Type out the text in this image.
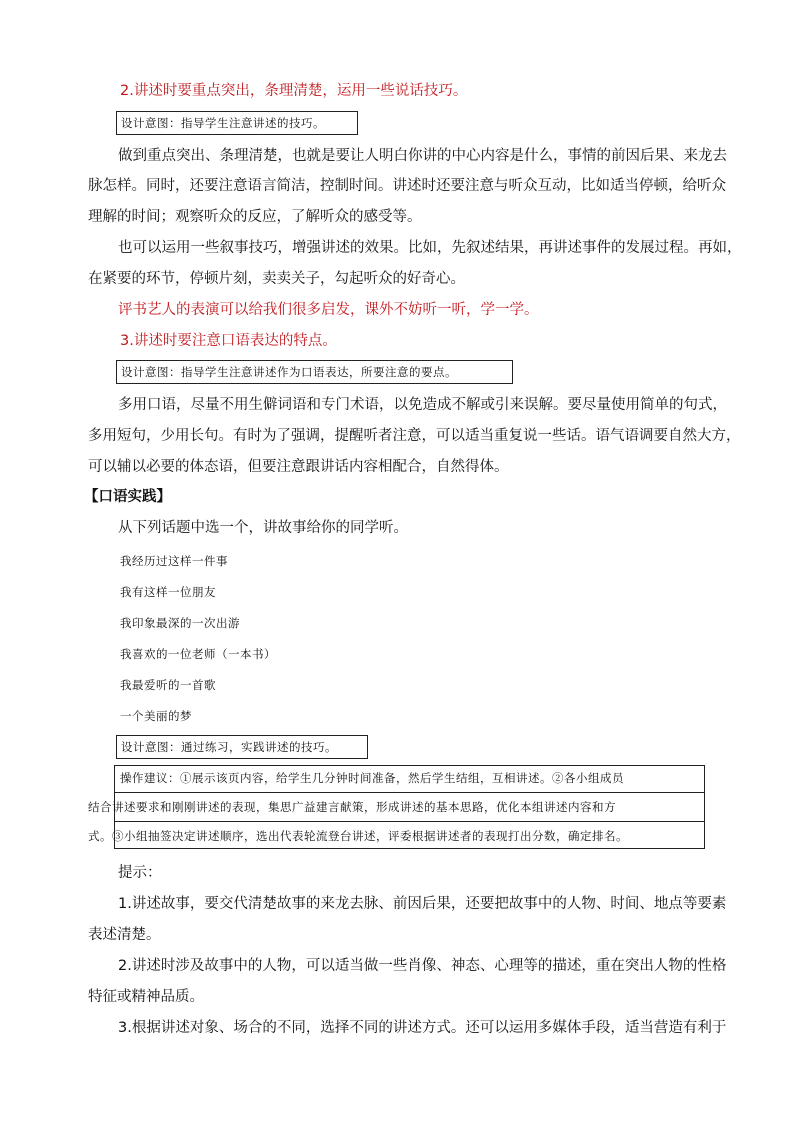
2.讲述时要重点突出，条理清楚，运用一些说话技巧。
设计意图：指导学生注意讲述的技巧。
做到重点突出、条理清楚，也就是要让人明白你讲的中心内容是什么，事情的前因后果、来龙去
脉怎样。同时，还要注意语言简洁，控制时间。讲述时还要注意与听众互动，比如适当停顿，给听众
理解的时间；观察听众的反应，了解听众的感受等。
也可以运用一些叙事技巧，增强讲述的效果。比如，先叙述结果，再讲述事件的发展过程。再如，
在紧要的环节，停顿片刻，卖卖关子，勾起听众的好奇心。
评书艺人的表演可以给我们很多启发，课外不妨听一听，学一学。
3.讲述时要注意口语表达的特点。
设计意图：指导学生注意讲述作为口语表达，所要注意的要点。
多用口语，尽量不用生僻词语和专门术语，以免造成不解或引来误解。要尽量使用简单的句式，
多用短句，少用长句。有时为了强调，提醒听者注意，可以适当重复说一些话。语气语调要自然大方，
可以辅以必要的体态语，但要注意跟讲话内容相配合，自然得体。
【口语实践】
从下列话题中选一个，讲故事给你的同学听。
我经历过这样一件事
我有这样一位朋友
我印象最深的一次出游
我喜欢的一位老师（一本书）
我最爱听的一首歌
一个美丽的梦
设计意图：通过练习，实践讲述的技巧。
操作建议：①展示该页内容，给学生几分钟时间准备，然后学生结组，互相讲述。②各小组成员
结合讲述要求和刚刚讲述的表现，集思广益建言献策，形成讲述的基本思路，优化本组讲述内容和方
式。③小组抽签决定讲述顺序，选出代表轮流登台讲述，评委根据讲述者的表现打出分数，确定排名。
提示：
1.讲述故事，要交代清楚故事的来龙去脉、前因后果，还要把故事中的人物、时间、地点等要素
表述清楚。
2.讲述时涉及故事中的人物，可以适当做一些肖像、神态、心理等的描述，重在突出人物的性格
特征或精神品质。
3.根据讲述对象、场合的不同，选择不同的讲述方式。还可以运用多媒体手段，适当营造有利于
